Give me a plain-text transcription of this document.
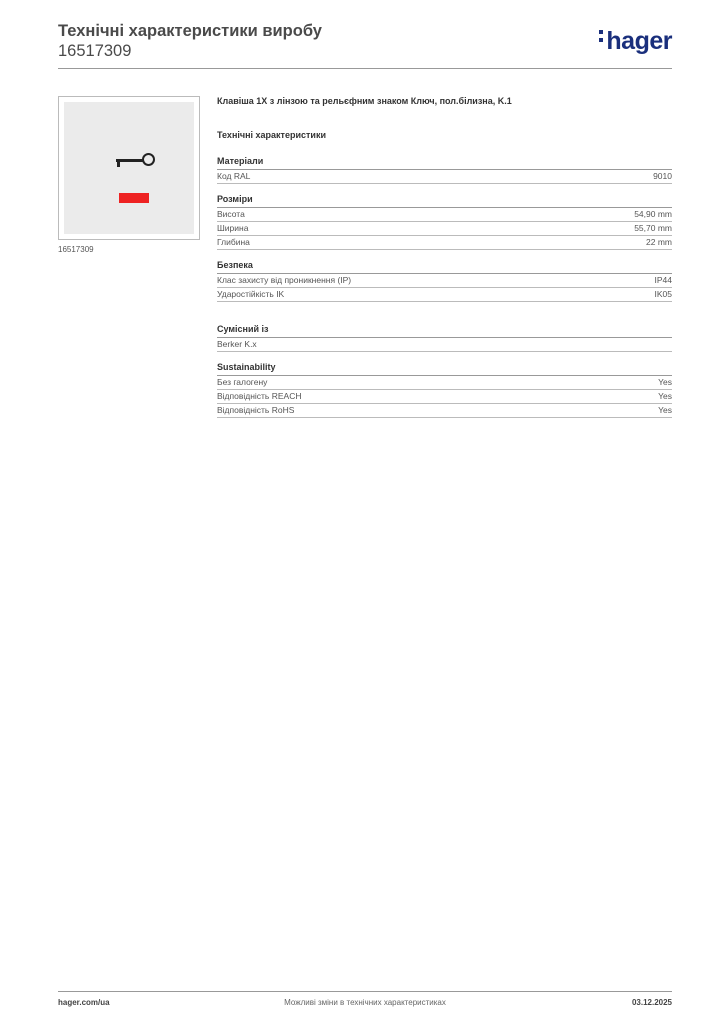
Технічні характеристики виробу
16517309	hager
16517309
Клавіша 1X з лінзою та рельєфним знаком Ключ, пол.білизна, K.1
Технічні характеристики
Матеріали
Код RAL	9010
Розміри
Висота	54,90 mm
Ширина	55,70 mm
Глибина	22 mm
Безпека
Клас захисту від проникнення (IP)	IP44
Ударостійкість IK	IK05
Сумісний із
Berker K.x
Sustainability
Без галогену	Yes
Відповідність REACH	Yes
Відповідність RoHS	Yes
hager.com/ua	Можливі зміни в технічних характеристиках	03.12.2025
